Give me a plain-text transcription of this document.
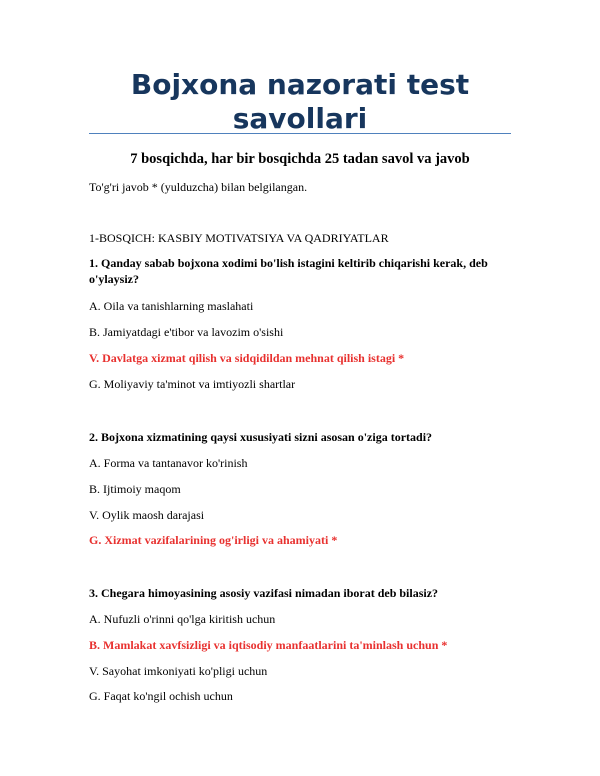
Bojxona nazorati test savollari
7 bosqichda, har bir bosqichda 25 tadan savol va javob
To'g'ri javob * (yulduzcha) bilan belgilangan.
1-BOSQICH: KASBIY MOTIVATSIYA VA QADRIYATLAR
1. Qanday sabab bojxona xodimi bo'lish istagini keltirib chiqarishi kerak, deb o'ylaysiz?
A. Oila va tanishlarning maslahati
B. Jamiyatdagi e'tibor va lavozim o'sishi
V. Davlatga xizmat qilish va sidqidildan mehnat qilish istagi *
G. Moliyaviy ta'minot va imtiyozli shartlar
2. Bojxona xizmatining qaysi xususiyati sizni asosan o'ziga tortadi?
A. Forma va tantanavor ko'rinish
B. Ijtimoiy maqom
V. Oylik maosh darajasi
G. Xizmat vazifalarining og'irligi va ahamiyati *
3. Chegara himoyasining asosiy vazifasi nimadan iborat deb bilasiz?
A. Nufuzli o'rinni qo'lga kiritish uchun
B. Mamlakat xavfsizligi va iqtisodiy manfaatlarini ta'minlash uchun *
V. Sayohat imkoniyati ko'pligi uchun
G. Faqat ko'ngil ochish uchun
